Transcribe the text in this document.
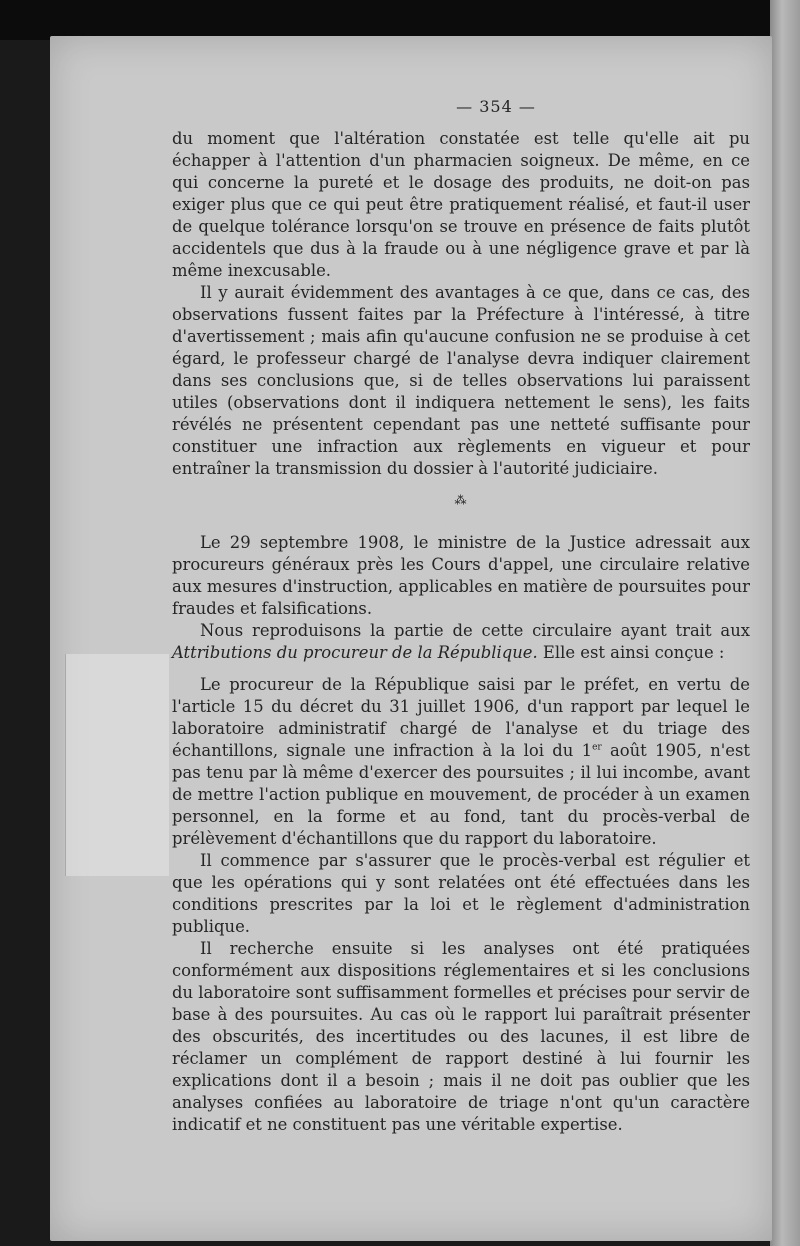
— 354 —

du moment que l'altération constatée est telle qu'elle ait pu échapper à l'attention d'un pharmacien soigneux. De même, en ce qui concerne la pureté et le dosage des produits, ne doit-on pas exiger plus que ce qui peut être pratiquement réalisé, et faut-il user de quelque tolérance lorsqu'on se trouve en présence de faits plutôt accidentels que dus à la fraude ou à une négligence grave et par là même inexcusable.

Il y aurait évidemment des avantages à ce que, dans ce cas, des observations fussent faites par la Préfecture à l'intéressé, à titre d'avertissement ; mais afin qu'aucune confusion ne se produise à cet égard, le professeur chargé de l'analyse devra indiquer clairement dans ses conclusions que, si de telles observations lui paraissent utiles (observations dont il indiquera nettement le sens), les faits révélés ne présentent cependant pas une netteté suffisante pour constituer une infraction aux règlements en vigueur et pour entraîner la transmission du dossier à l'autorité judiciaire.

⁂

Le 29 septembre 1908, le ministre de la Justice adressait aux procureurs généraux près les Cours d'appel, une circulaire relative aux mesures d'instruction, applicables en matière de poursuites pour fraudes et falsifications.

Nous reproduisons la partie de cette circulaire ayant trait aux Attributions du procureur de la République. Elle est ainsi conçue :

Le procureur de la République saisi par le préfet, en vertu de l'article 15 du décret du 31 juillet 1906, d'un rapport par lequel le laboratoire administratif chargé de l'analyse et du triage des échantillons, signale une infraction à la loi du 1er août 1905, n'est pas tenu par là même d'exercer des poursuites ; il lui incombe, avant de mettre l'action publique en mouvement, de procéder à un examen personnel, en la forme et au fond, tant du procès-verbal de prélèvement d'échantillons que du rapport du laboratoire.

Il commence par s'assurer que le procès-verbal est régulier et que les opérations qui y sont relatées ont été effectuées dans les conditions prescrites par la loi et le règlement d'administration publique.

Il recherche ensuite si les analyses ont été pratiquées conformément aux dispositions réglementaires et si les conclusions du laboratoire sont suffisamment formelles et précises pour servir de base à des poursuites. Au cas où le rapport lui paraîtrait présenter des obscurités, des incertitudes ou des lacunes, il est libre de réclamer un complément de rapport destiné à lui fournir les explications dont il a besoin ; mais il ne doit pas oublier que les analyses confiées au laboratoire de triage n'ont qu'un caractère indicatif et ne constituent pas une véritable expertise.
